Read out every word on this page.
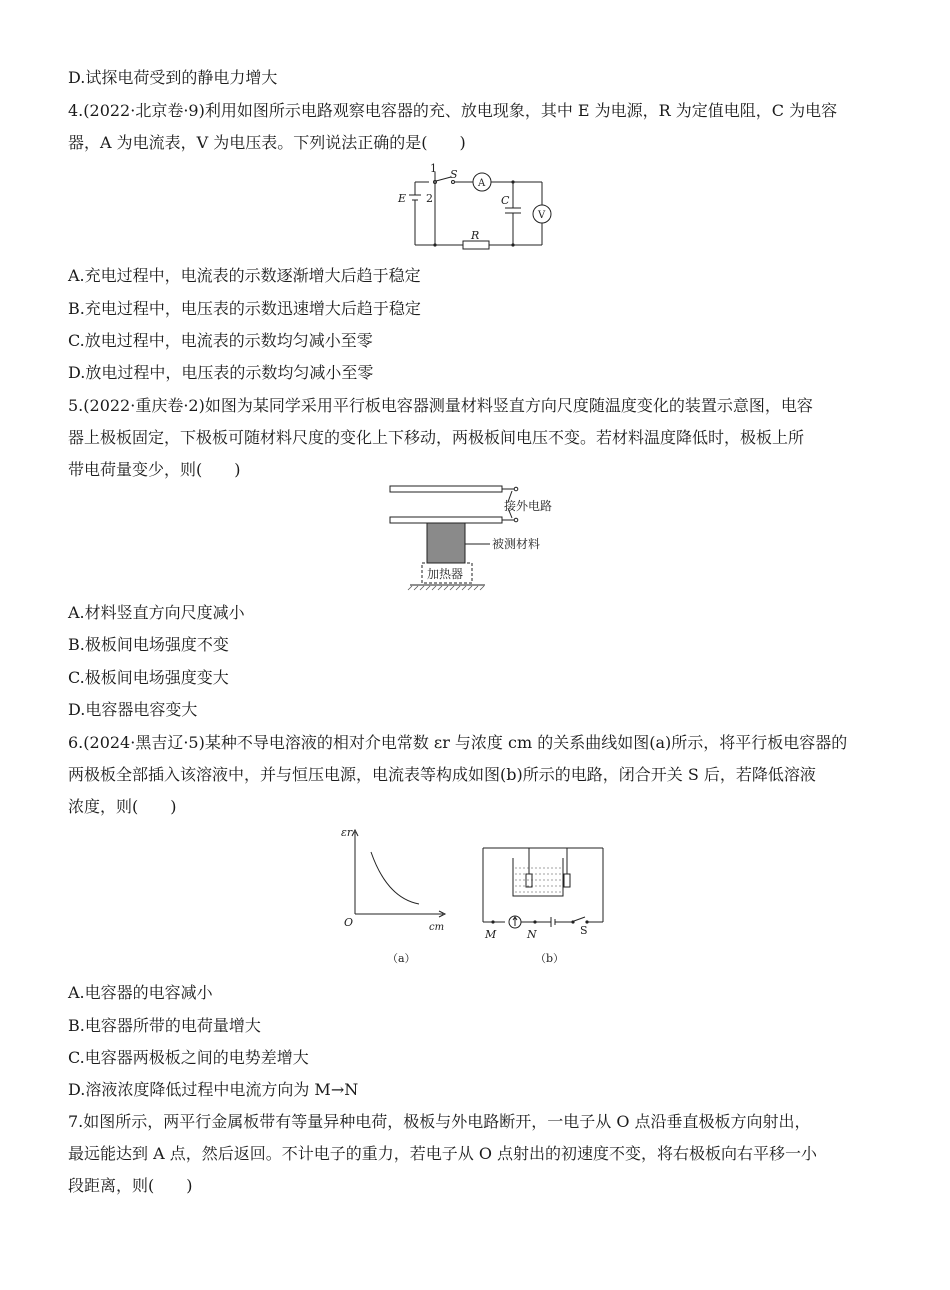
D.试探电荷受到的静电力增大
4.(2022·北京卷·9)利用如图所示电路观察电容器的充、放电现象，其中 E 为电源，R 为定值电阻，C 为电容
器，A 为电流表，V 为电压表。下列说法正确的是(　　)
1 S
A
E 2	C
V
R
A.充电过程中，电流表的示数逐渐增大后趋于稳定
B.充电过程中，电压表的示数迅速增大后趋于稳定
C.放电过程中，电流表的示数均匀减小至零
D.放电过程中，电压表的示数均匀减小至零
5.(2022·重庆卷·2)如图为某同学采用平行板电容器测量材料竖直方向尺度随温度变化的装置示意图，电容
器上极板固定，下极板可随材料尺度的变化上下移动，两极板间电压不变。若材料温度降低时，极板上所
带电荷量变少，则(　　)
接外电路
被测材料
加热器
A.材料竖直方向尺度减小
B.极板间电场强度不变
C.极板间电场强度变大
D.电容器电容变大
6.(2024·黑吉辽·5)某种不导电溶液的相对介电常数 εr 与浓度 cm 的关系曲线如图(a)所示，将平行板电容器的
两极板全部插入该溶液中，并与恒压电源，电流表等构成如图(b)所示的电路，闭合开关 S 后，若降低溶液
浓度，则(　　)
εr
O	cm
（a）	（b）
M	N	S
A.电容器的电容减小
B.电容器所带的电荷量增大
C.电容器两极板之间的电势差增大
D.溶液浓度降低过程中电流方向为 M→N
7.如图所示，两平行金属板带有等量异种电荷，极板与外电路断开，一电子从 O 点沿垂直极板方向射出，
最远能达到 A 点，然后返回。不计电子的重力，若电子从 O 点射出的初速度不变，将右极板向右平移一小
段距离，则(　　)
